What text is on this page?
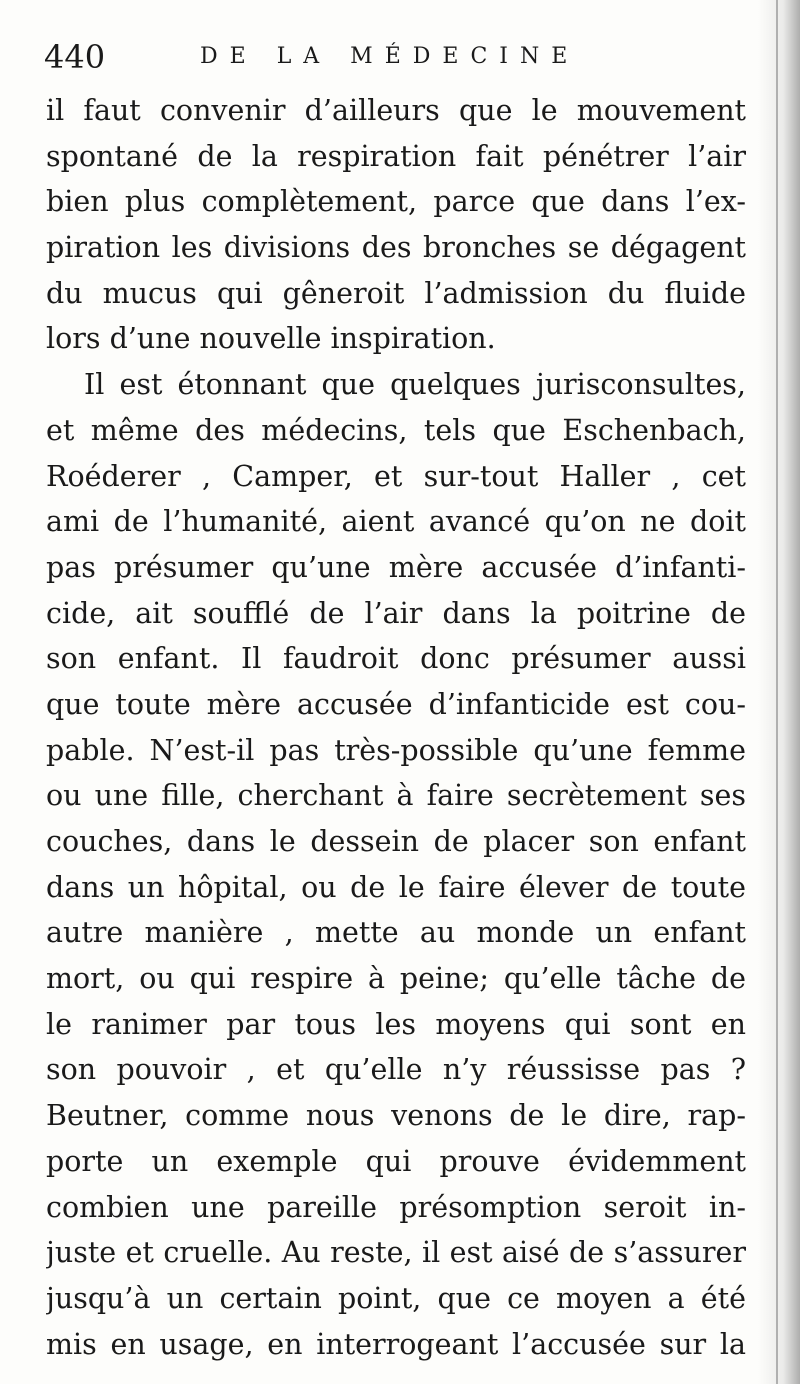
440	DE LA MÉDECINE
il faut convenir d’ailleurs que le mouvement
spontané de la respiration fait pénétrer l’air
bien plus complètement, parce que dans l’ex-
piration les divisions des bronches se dégagent
du mucus qui gêneroit l’admission du fluide
lors d’une nouvelle inspiration.
Il est étonnant que quelques jurisconsultes,
et même des médecins, tels que Eschenbach,
Roéderer , Camper, et sur-tout Haller , cet
ami de l’humanité, aient avancé qu’on ne doit
pas présumer qu’une mère accusée d’infanti-
cide, ait soufflé de l’air dans la poitrine de
son enfant. Il faudroit donc présumer aussi
que toute mère accusée d’infanticide est cou-
pable. N’est-il pas très-possible qu’une femme
ou une fille, cherchant à faire secrètement ses
couches, dans le dessein de placer son enfant
dans un hôpital, ou de le faire élever de toute
autre manière , mette au monde un enfant
mort, ou qui respire à peine; qu’elle tâche de
le ranimer par tous les moyens qui sont en
son pouvoir , et qu’elle n’y réussisse pas ?
Beutner, comme nous venons de le dire, rap-
porte un exemple qui prouve évidemment
combien une pareille présomption seroit in-
juste et cruelle. Au reste, il est aisé de s’assurer
jusqu’à un certain point, que ce moyen a été
mis en usage, en interrogeant l’accusée sur la
